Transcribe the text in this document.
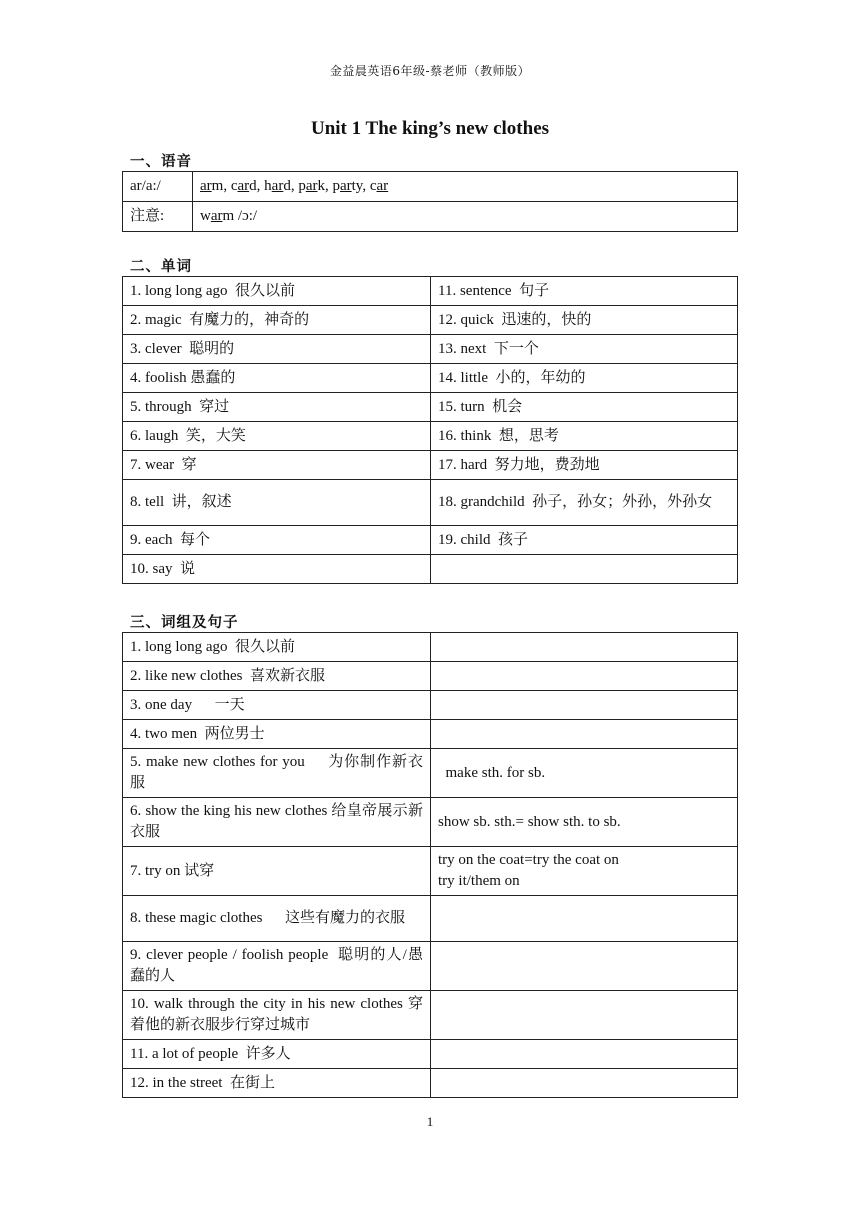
金益晨英语6年级-蔡老师（教师版）
Unit 1 The king’s new clothes
一、语音
ar/a:/	arm, card, hard, park, party, car
注意:	warm /ɔ:/
二、单词
1. long long ago  很久以前	11. sentence  句子
2. magic  有魔力的，神奇的	12. quick  迅速的，快的
3. clever  聪明的	13. next  下一个
4. foolish 愚蠢的	14. little  小的，年幼的
5. through  穿过	15. turn  机会
6. laugh  笑，大笑	16. think  想，思考
7. wear  穿	17. hard  努力地，费劲地
8. tell  讲，叙述	18. grandchild  孙子，孙女；外孙，外孙女
9. each  每个	19. child  孩子
10. say  说	
三、词组及句子
1. long long ago  很久以前	
2. like new clothes  喜欢新衣服	
3. one day      一天	
4. two men  两位男士	
5. make new clothes for you     为你制作新衣服	make sth. for sb.
6. show the king his new clothes 给皇帝展示新衣服	show sb. sth.= show sth. to sb.
7. try on 试穿	try on the coat=try the coat on
try it/them on
8. these magic clothes      这些有魔力的衣服	
9. clever people / foolish people  聪明的人/愚蠢的人	
10. walk through the city in his new clothes 穿着他的新衣服步行穿过城市	
11. a lot of people  许多人	
12. in the street  在街上	
1
